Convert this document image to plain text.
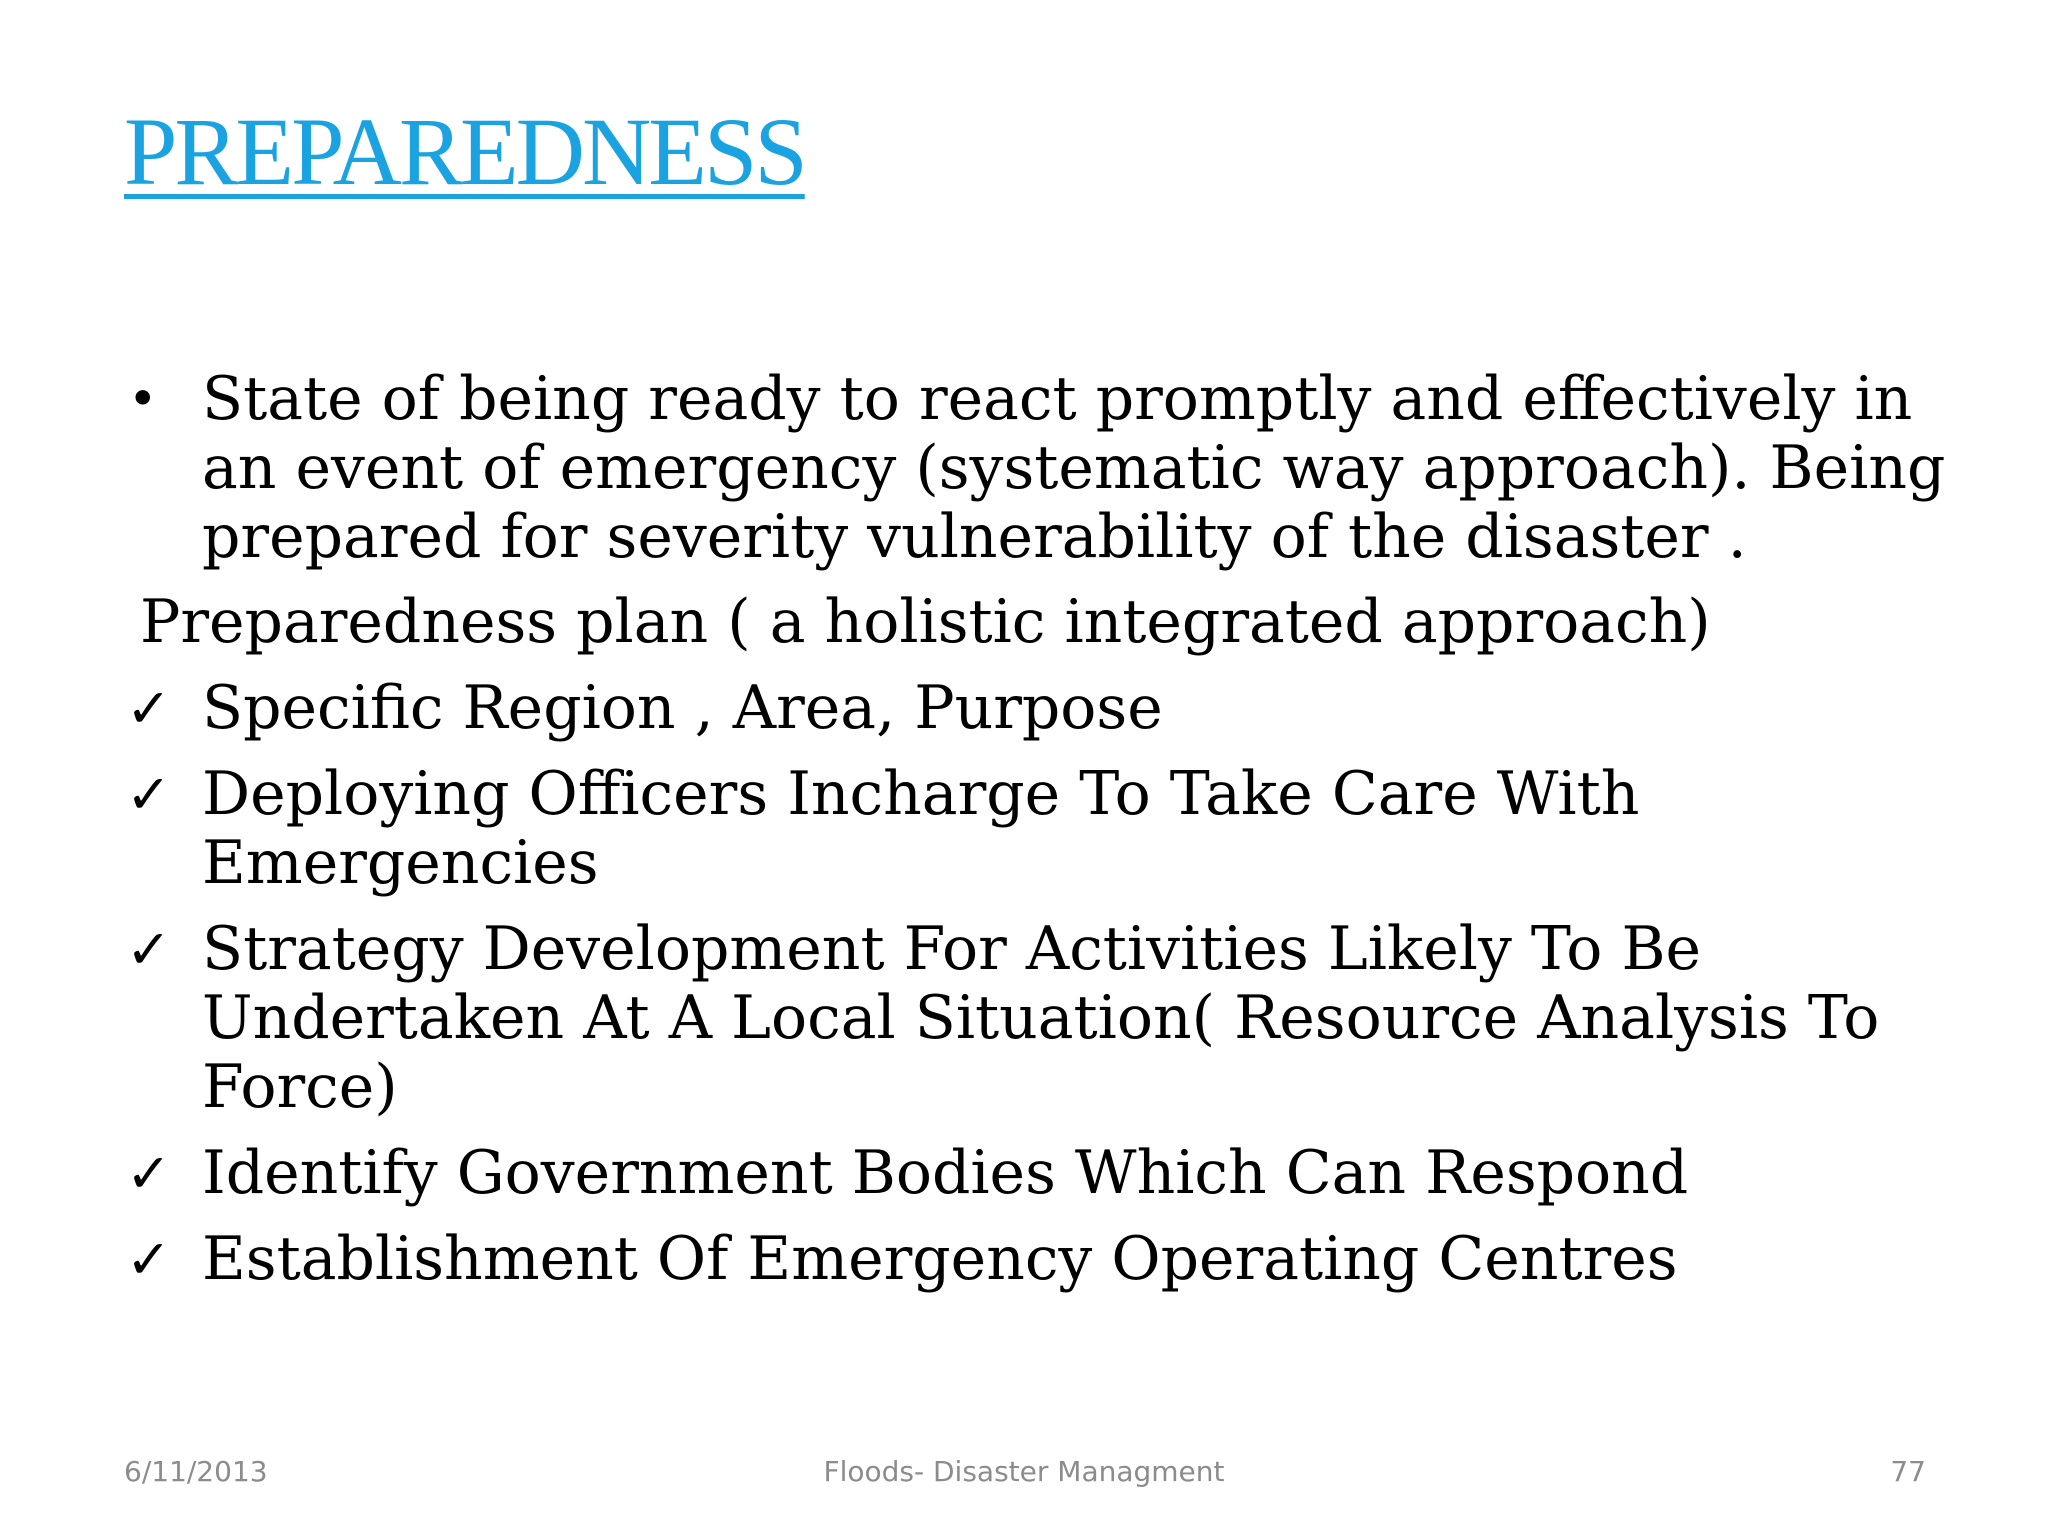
PREPAREDNESS

• State of being ready to react promptly and effectively in an event of emergency (systematic way approach). Being prepared for severity vulnerability of the disaster .

Preparedness plan ( a holistic integrated approach)

✓ Specific Region , Area, Purpose

✓ Deploying Officers Incharge To Take Care With Emergencies

✓ Strategy Development For Activities Likely To Be Undertaken At A Local Situation( Resource Analysis To Force)

✓ Identify Government Bodies Which Can Respond

✓ Establishment Of Emergency Operating Centres

6/11/2013	Floods- Disaster Managment	77
